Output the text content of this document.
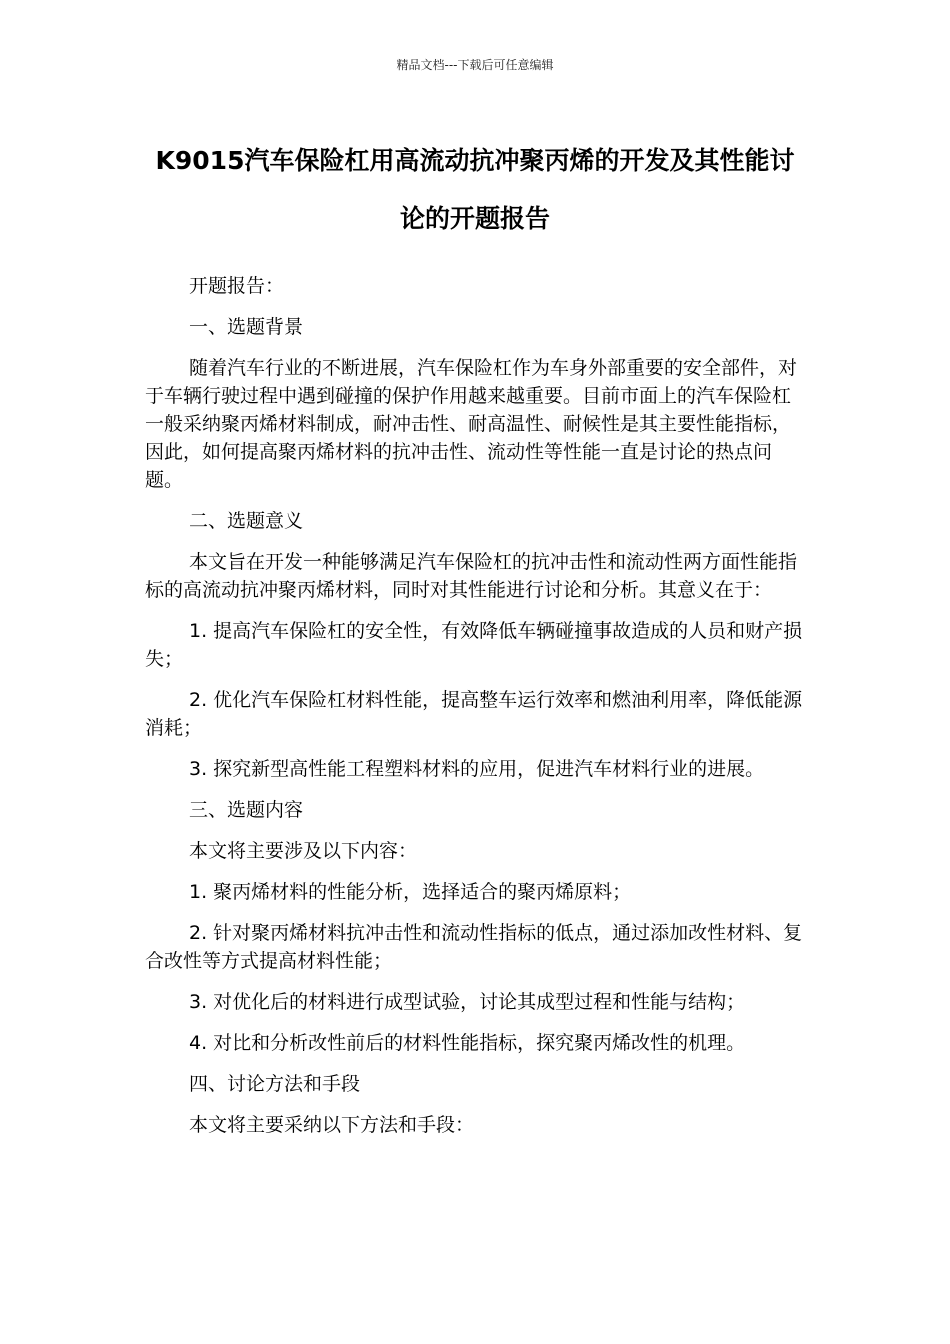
精品文档---下载后可任意编辑
K9015汽车保险杠用高流动抗冲聚丙烯的开发及其性能讨论的开题报告

开题报告：

一、选题背景

随着汽车行业的不断进展，汽车保险杠作为车身外部重要的安全部件，对于车辆行驶过程中遇到碰撞的保护作用越来越重要。目前市面上的汽车保险杠一般采纳聚丙烯材料制成，耐冲击性、耐高温性、耐候性是其主要性能指标，因此，如何提高聚丙烯材料的抗冲击性、流动性等性能一直是讨论的热点问题。

二、选题意义

本文旨在开发一种能够满足汽车保险杠的抗冲击性和流动性两方面性能指标的高流动抗冲聚丙烯材料，同时对其性能进行讨论和分析。其意义在于：

1. 提高汽车保险杠的安全性，有效降低车辆碰撞事故造成的人员和财产损失；

2. 优化汽车保险杠材料性能，提高整车运行效率和燃油利用率，降低能源消耗；

3. 探究新型高性能工程塑料材料的应用，促进汽车材料行业的进展。

三、选题内容

本文将主要涉及以下内容：

1. 聚丙烯材料的性能分析，选择适合的聚丙烯原料；

2. 针对聚丙烯材料抗冲击性和流动性指标的低点，通过添加改性材料、复合改性等方式提高材料性能；

3. 对优化后的材料进行成型试验，讨论其成型过程和性能与结构；

4. 对比和分析改性前后的材料性能指标，探究聚丙烯改性的机理。

四、讨论方法和手段

本文将主要采纳以下方法和手段：
